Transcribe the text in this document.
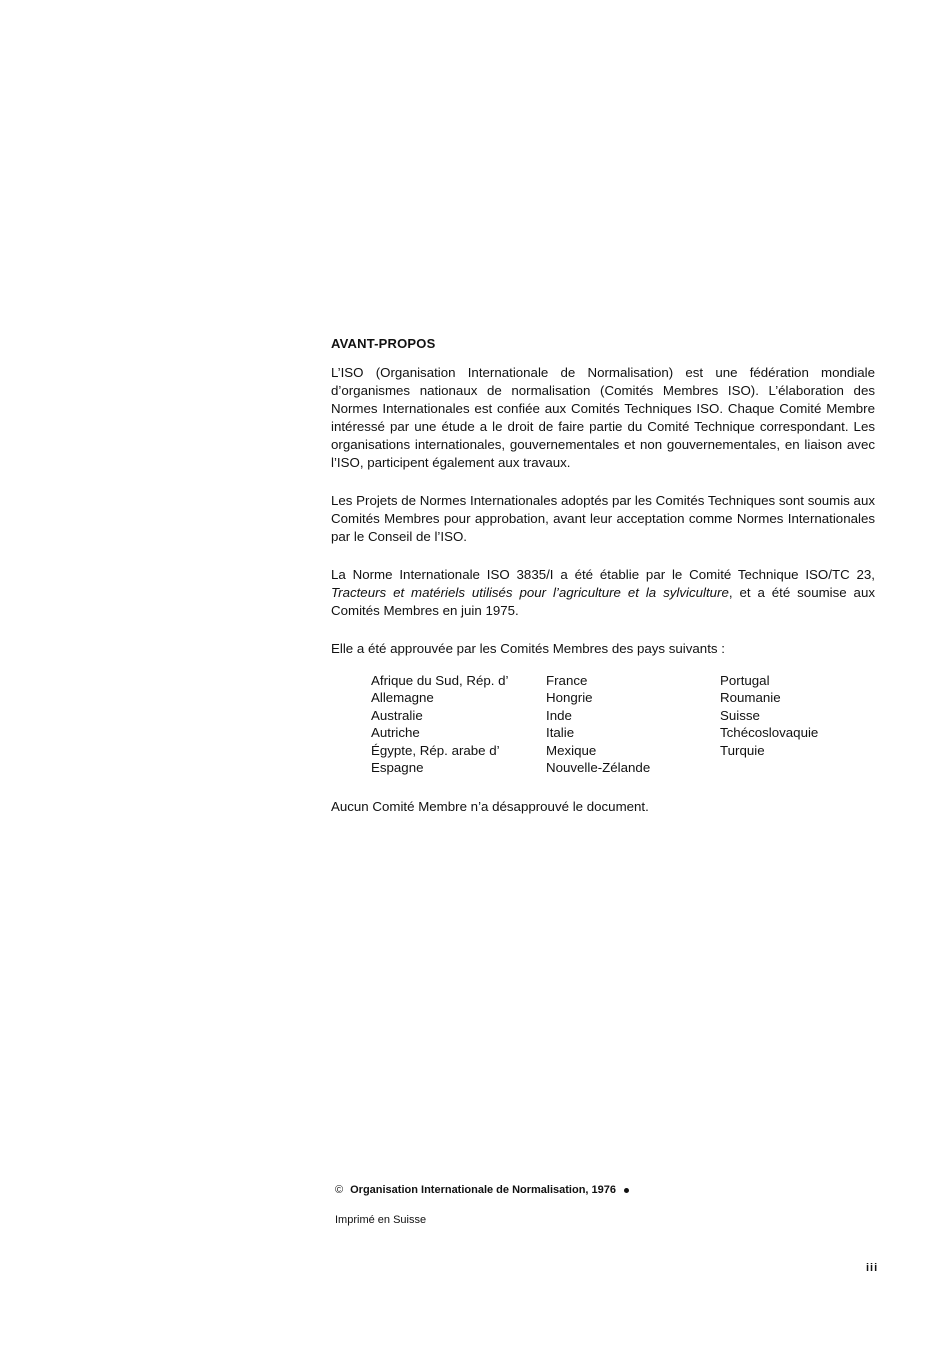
AVANT-PROPOS

L’ISO (Organisation Internationale de Normalisation) est une fédération mondiale d’organismes nationaux de normalisation (Comités Membres ISO). L’élaboration des Normes Internationales est confiée aux Comités Techniques ISO. Chaque Comité Membre intéressé par une étude a le droit de faire partie du Comité Technique correspondant. Les organisations internationales, gouvernementales et non gouvernementales, en liaison avec l’ISO, participent également aux travaux.

Les Projets de Normes Internationales adoptés par les Comités Techniques sont soumis aux Comités Membres pour approbation, avant leur acceptation comme Normes Internationales par le Conseil de l’ISO.

La Norme Internationale ISO 3835/I a été établie par le Comité Technique ISO/TC 23, Tracteurs et matériels utilisés pour l’agriculture et la sylviculture, et a été soumise aux Comités Membres en juin 1975.

Elle a été approuvée par les Comités Membres des pays suivants :

Afrique du Sud, Rép. d’
Allemagne
Australie
Autriche
Égypte, Rép. arabe d’
Espagne
France
Hongrie
Inde
Italie
Mexique
Nouvelle-Zélande
Portugal
Roumanie
Suisse
Tchécoslovaquie
Turquie
Aucun Comité Membre n’a désapprouvé le document.
© Organisation Internationale de Normalisation, 1976
Imprimé en Suisse
iii
